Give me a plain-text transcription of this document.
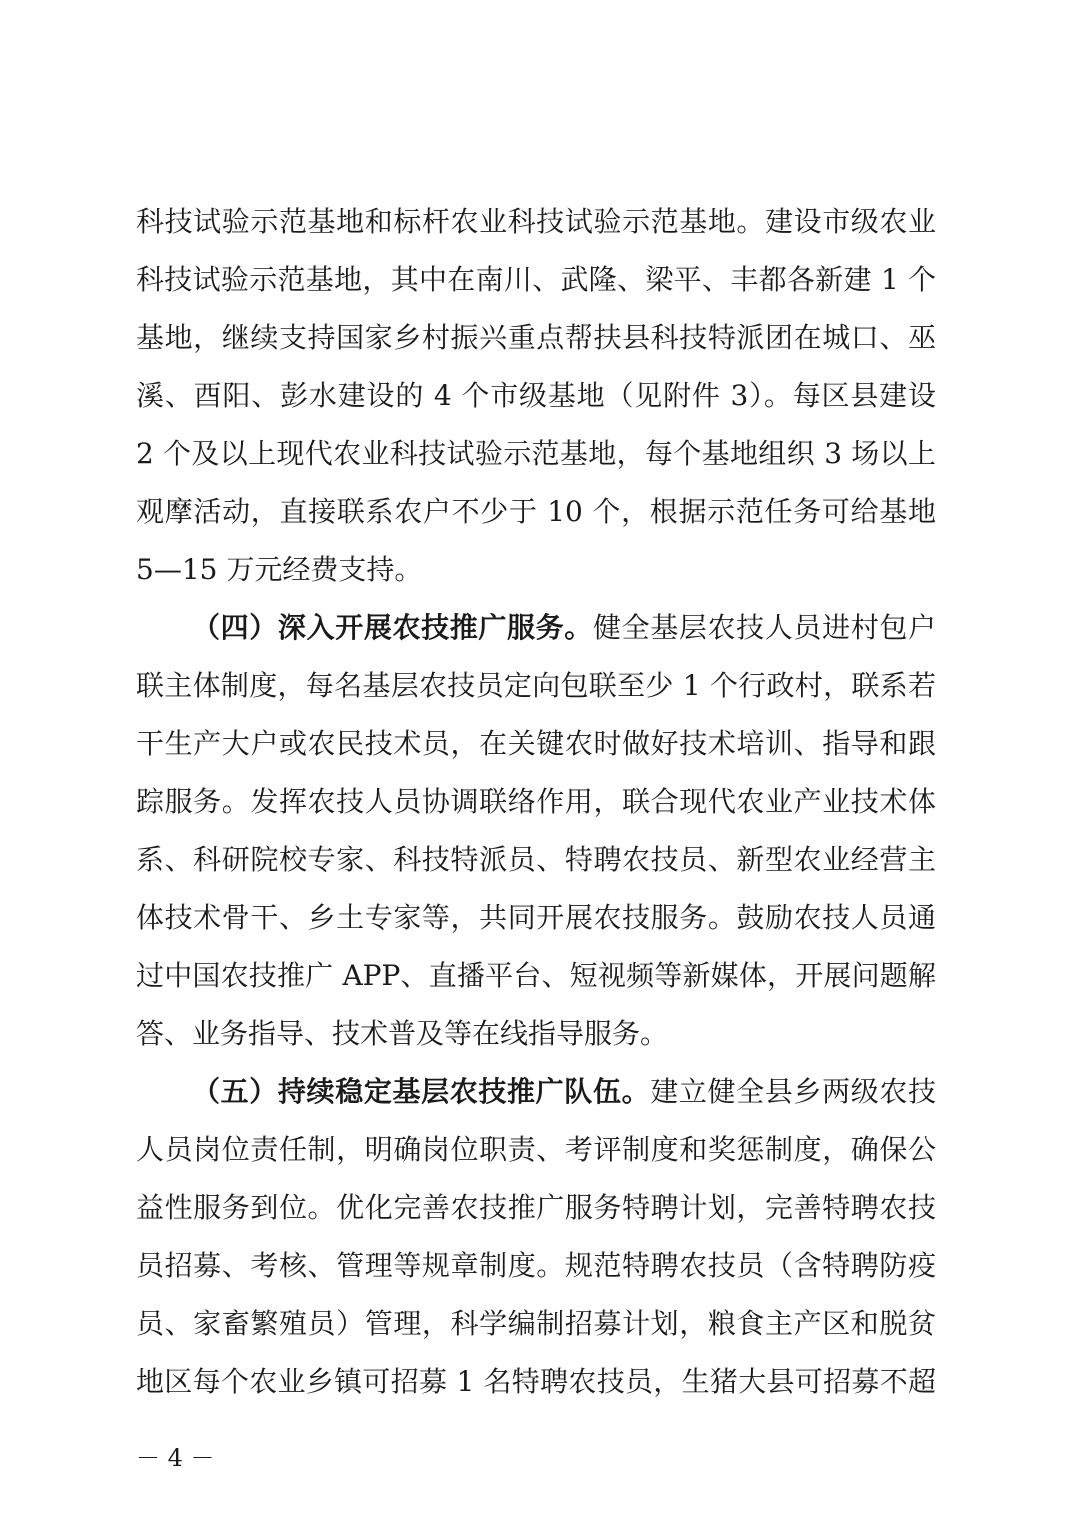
科技试验示范基地和标杆农业科技试验示范基地。建设市级农业
科技试验示范基地，其中在南川、武隆、梁平、丰都各新建 1 个
基地，继续支持国家乡村振兴重点帮扶县科技特派团在城口、巫
溪、酉阳、彭水建设的 4 个市级基地（见附件 3）。每区县建设
2 个及以上现代农业科技试验示范基地，每个基地组织 3 场以上
观摩活动，直接联系农户不少于 10 个，根据示范任务可给基地
5—15 万元经费支持。
（四）深入开展农技推广服务。健全基层农技人员进村包户
联主体制度，每名基层农技员定向包联至少 1 个行政村，联系若
干生产大户或农民技术员，在关键农时做好技术培训、指导和跟
踪服务。发挥农技人员协调联络作用，联合现代农业产业技术体
系、科研院校专家、科技特派员、特聘农技员、新型农业经营主
体技术骨干、乡土专家等，共同开展农技服务。鼓励农技人员通
过中国农技推广 APP、直播平台、短视频等新媒体，开展问题解
答、业务指导、技术普及等在线指导服务。
（五）持续稳定基层农技推广队伍。建立健全县乡两级农技
人员岗位责任制，明确岗位职责、考评制度和奖惩制度，确保公
益性服务到位。优化完善农技推广服务特聘计划，完善特聘农技
员招募、考核、管理等规章制度。规范特聘农技员（含特聘防疫
员、家畜繁殖员）管理，科学编制招募计划，粮食主产区和脱贫
地区每个农业乡镇可招募 1 名特聘农技员，生猪大县可招募不超
－ 4 －
